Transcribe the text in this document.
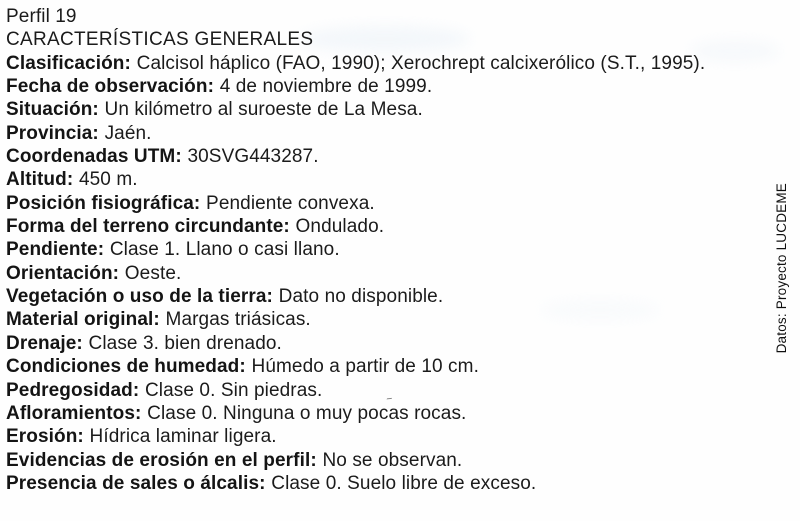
Perfil 19
CARACTERÍSTICAS GENERALES
Clasificación: Calcisol háplico (FAO, 1990); Xerochrept calcixerólico (S.T., 1995).
Fecha de observación: 4 de noviembre de 1999.
Situación: Un kilómetro al suroeste de La Mesa.
Provincia: Jaén.
Coordenadas UTM: 30SVG443287.
Altitud: 450 m.
Posición fisiográfica: Pendiente convexa.
Forma del terreno circundante: Ondulado.
Pendiente: Clase 1. Llano o casi llano.
Orientación: Oeste.
Vegetación o uso de la tierra: Dato no disponible.
Material original: Margas triásicas.
Drenaje: Clase 3. bien drenado.
Condiciones de humedad: Húmedo a partir de 10 cm.
Pedregosidad: Clase 0. Sin piedras.
Afloramientos: Clase 0. Ninguna o muy pocas rocas.
Erosión: Hídrica laminar ligera.
Evidencias de erosión en el perfil: No se observan.
Presencia de sales o álcalis: Clase 0. Suelo libre de exceso.
Datos: Proyecto LUCDEME
